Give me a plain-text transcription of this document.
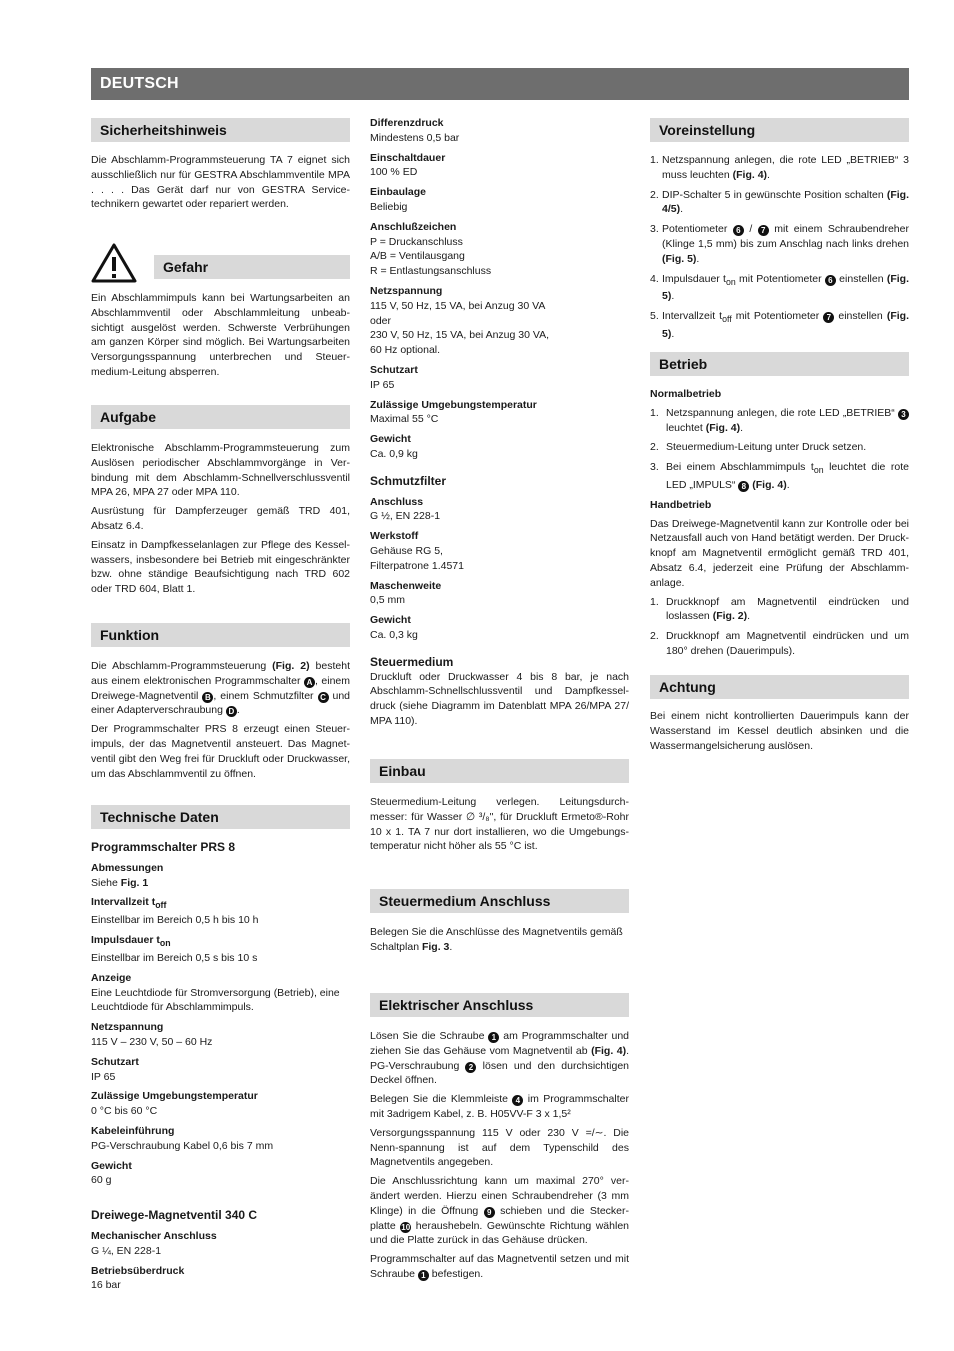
DEUTSCH
Sicherheitshinweis

Die Abschlamm-Programmsteuerung TA 7 eignet sich ausschließlich nur für GESTRA Abschlammventile MPA . . . . Das Gerät darf nur von GESTRA Service-technikern gewartet oder repariert werden.

Gefahr

Ein Abschlammimpuls kann bei Wartungsarbeiten an Abschlammventil oder Abschlammleitung unbeab-sichtigt ausgelöst werden. Schwerste Verbrühungen am ganzen Körper sind möglich. Bei Wartungsarbeiten Versorgungsspannung unterbrechen und Steuer-medium-Leitung absperren.

Aufgabe

Elektronische Abschlamm-Programmsteuerung zum Auslösen periodischer Abschlammvorgänge in Ver-bindung mit dem Abschlamm-Schnellverschlussventil MPA 26, MPA 27 oder MPA 110.

Ausrüstung für Dampferzeuger gemäß TRD 401, Absatz 6.4.

Einsatz in Dampfkesselanlagen zur Pflege des Kessel-wassers, insbesondere bei Betrieb mit eingeschränkter bzw. ohne ständige Beaufsichtigung nach TRD 602 oder TRD 604, Blatt 1.

Funktion

Die Abschlamm-Programmsteuerung (Fig. 2) besteht aus einem elektronischen Programmschalter A , einem Dreiwege-Magnetventil B , einem Schmutzfilter C und einer Adapterverschraubung D .

Der Programmschalter PRS 8 erzeugt einen Steuer-impuls, der das Magnetventil ansteuert. Das Magnet-ventil gibt den Weg frei für Druckluft oder Druckwasser, um das Abschlammventil zu öffnen.

Technische Daten
Programmschalter PRS 8
Abmessungen
Siehe Fig. 1
Intervallzeit $t_{off}$
Einstellbar im Bereich 0,5 h bis 10 h
Impulsdauer $t_{on}$
Einstellbar im Bereich 0,5 s bis 10 s
Anzeige
Eine Leuchtdiode für Stromversorgung (Betrieb), eine Leuchtdiode für Abschlammimpuls.
Netzspannung
115 V – 230 V, 50 – 60 Hz
Schutzart
IP 65
Zulässige Umgebungstemperatur
0 °C bis 60 °C
Kabeleinführung
PG-Verschraubung Kabel 0,6 bis 7 mm
Gewicht
60 g
Dreiwege-Magnetventil 340 C
Mechanischer Anschluss
G ¼, EN 228-1
Betriebsüberdruck
16 bar
Differenzdruck
Mindestens 0,5 bar
Einschaltdauer
100 % ED
Einbaulage
Beliebig
Anschlußzeichen
P = Druckanschluss
A/B = Ventilausgang
R = Entlastungsanschluss
Netzspannung
115 V, 50 Hz, 15 VA, bei Anzug 30 VA
oder
230 V, 50 Hz, 15 VA, bei Anzug 30 VA,
60 Hz optional.
Schutzart
IP 65
Zulässige Umgebungstemperatur
Maximal 55 °C
Gewicht
Ca. 0,9 kg
Schmutzfilter
Anschluss
G ½, EN 228-1
Werkstoff
Gehäuse RG 5,
Filterpatrone 1.4571
Maschenweite
0,5 mm
Gewicht
Ca. 0,3 kg
Steuermedium

Druckluft oder Druckwasser 4 bis 8 bar, je nach Abschlamm-Schnellschlussventil und Dampfkessel-druck (siehe Diagramm im Datenblatt MPA 26/MPA 27/ MPA 110).

Einbau

Steuermedium-Leitung verlegen. Leitungsdurch-messer: für Wasser ∅ ³/₈", für Druckluft Ermeto®-Rohr 10 x 1. TA 7 nur dort installieren, wo die Umgebungs-temperatur nicht höher als 55 °C ist.

Steuermedium Anschluss

Belegen Sie die Anschlüsse des Magnetventils gemäß Schaltplan Fig. 3.

Elektrischer Anschluss

Lösen Sie die Schraube 1 am Programmschalter und ziehen Sie das Gehäuse vom Magnetventil ab (Fig. 4). PG-Verschraubung 2 lösen und den durchsichtigen Deckel öffnen.

Belegen Sie die Klemmleiste 4 im Programmschalter mit 3adrigem Kabel, z. B. H05VV-F 3 x 1,5²

Versorgungsspannung 115 V oder 230 V =/∼. Die Nenn-spannung ist auf dem Typenschild des Magnetventils angegeben.

Die Anschlussrichtung kann um maximal 270° ver-ändert werden. Hierzu einen Schraubendreher (3 mm Klinge) in die Öffnung 9 schieben und die Stecker-platte 10 heraushebeln. Gewünschte Richtung wählen und die Platte zurück in das Gehäuse drücken.

Programmschalter auf das Magnetventil setzen und mit Schraube 1 befestigen.

Voreinstellung
1. Netzspannung anlegen, die rote LED „BETRIEB“ 3 muss leuchten (Fig. 4).
2. DIP-Schalter 5 in gewünschte Position schalten (Fig. 4/5).
3. Potentiometer 6 / 7 mit einem Schraubendreher (Klinge 1,5 mm) bis zum Anschlag nach links drehen (Fig. 5).
4. Impulsdauer $t_{on}$ mit Potentiometer 6 einstellen (Fig. 5).
5. Intervallzeit $t_{off}$ mit Potentiometer 7 einstellen (Fig. 5).
Betrieb
Normalbetrieb
1. Netzspannung anlegen, die rote LED „BETRIEB“ 3 leuchtet (Fig. 4).
2. Steuermedium-Leitung unter Druck setzen.
3. Bei einem Abschlammimpuls $t_{on}$ leuchtet die rote LED „IMPULS“ 8 (Fig. 4).
Handbetrieb

Das Dreiwege-Magnetventil kann zur Kontrolle oder bei Netzausfall auch von Hand betätigt werden. Der Druck-knopf am Magnetventil ermöglicht gemäß TRD 401, Absatz 6.4, jederzeit eine Prüfung der Abschlamm-anlage.

1. Druckknopf am Magnetventil eindrücken und loslassen (Fig. 2).
2. Druckknopf am Magnetventil eindrücken und um 180° drehen (Dauerimpuls).
Achtung

Bei einem nicht kontrollierten Dauerimpuls kann der Wasserstand im Kessel deutlich absinken und die Wassermangelsicherung auslösen.
